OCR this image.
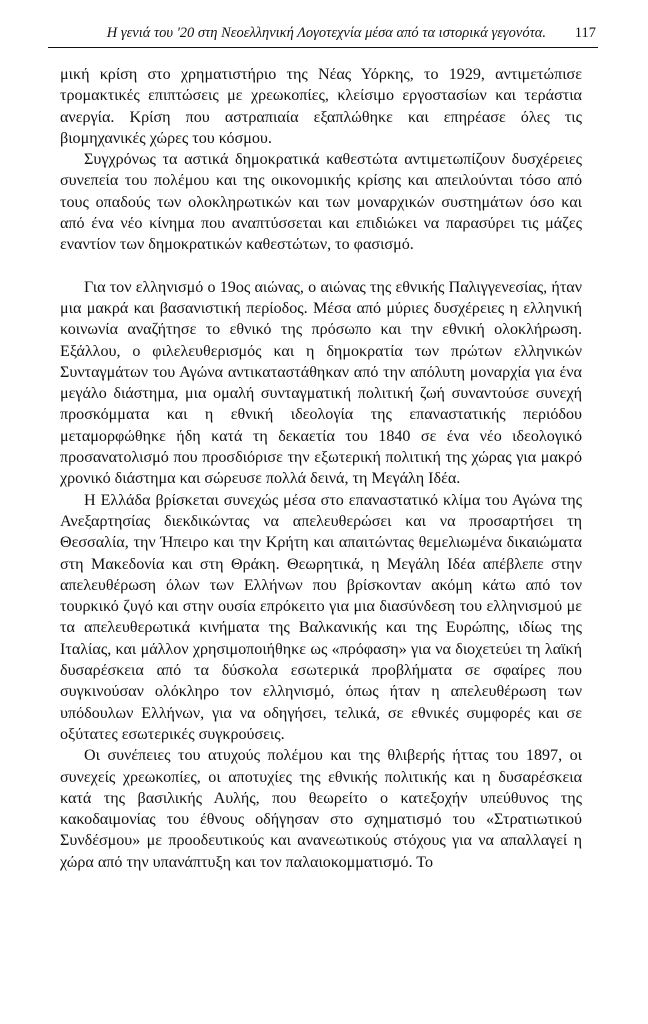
Η γενιά του '20 στη Νεοελληνική Λογοτεχνία μέσα από τα ιστορικά γεγονότα. 117

μική κρίση στο χρηματιστήριο της Νέας Υόρκης, το 1929, αντιμετώπισε τρομακτικές επιπτώσεις με χρεωκοπίες, κλείσιμο εργοστασίων και τεράστια ανεργία. Κρίση που αστραπιαία εξαπλώθηκε και επηρέασε όλες τις βιομηχανικές χώρες του κόσμου.

Συγχρόνως τα αστικά δημοκρατικά καθεστώτα αντιμετωπίζουν δυσχέρειες συνεπεία του πολέμου και της οικονομικής κρίσης και απειλούνται τόσο από τους οπαδούς των ολοκληρωτικών και των μοναρχικών συστημάτων όσο και από ένα νέο κίνημα που αναπτύσσεται και επιδιώκει να παρασύρει τις μάζες εναντίον των δημοκρατικών καθεστώτων, το φασισμό.

Για τον ελληνισμό ο 19ος αιώνας, ο αιώνας της εθνικής Παλιγγενεσίας, ήταν μια μακρά και βασανιστική περίοδος. Μέσα από μύριες δυσχέρειες η ελληνική κοινωνία αναζήτησε το εθνικό της πρόσωπο και την εθνική ολοκλήρωση. Εξάλλου, ο φιλελευθερισμός και η δημοκρατία των πρώτων ελληνικών Συνταγμάτων του Αγώνα αντικαταστάθηκαν από την απόλυτη μοναρχία για ένα μεγάλο διάστημα, μια ομαλή συνταγματική πολιτική ζωή συναντούσε συνεχή προσκόμματα και η εθνική ιδεολογία της επαναστατικής περιόδου μεταμορφώθηκε ήδη κατά τη δεκαετία του 1840 σε ένα νέο ιδεολογικό προσανατολισμό που προσδιόρισε την εξωτερική πολιτική της χώρας για μακρό χρονικό διάστημα και σώρευσε πολλά δεινά, τη Μεγάλη Ιδέα.

Η Ελλάδα βρίσκεται συνεχώς μέσα στο επαναστατικό κλίμα του Αγώνα της Ανεξαρτησίας διεκδικώντας να απελευθερώσει και να προσαρτήσει τη Θεσσαλία, την Ήπειρο και την Κρήτη και απαιτώντας θεμελιωμένα δικαιώματα στη Μακεδονία και στη Θράκη. Θεωρητικά, η Μεγάλη Ιδέα απέβλεπε στην απελευθέρωση όλων των Ελλήνων που βρίσκονταν ακόμη κάτω από τον τουρκικό ζυγό και στην ουσία επρόκειτο για μια διασύνδεση του ελληνισμού με τα απελευθερωτικά κινήματα της Βαλκανικής και της Ευρώπης, ιδίως της Ιταλίας, και μάλλον χρησιμοποιήθηκε ως «πρόφαση» για να διοχετεύει τη λαϊκή δυσαρέσκεια από τα δύσκολα εσωτερικά προβλήματα σε σφαίρες που συγκινούσαν ολόκληρο τον ελληνισμό, όπως ήταν η απελευθέρωση των υπόδουλων Ελλήνων, για να οδηγήσει, τελικά, σε εθνικές συμφορές και σε οξύτατες εσωτερικές συγκρούσεις.

Οι συνέπειες του ατυχούς πολέμου και της θλιβερής ήττας του 1897, οι συνεχείς χρεωκοπίες, οι αποτυχίες της εθνικής πολιτικής και η δυσαρέσκεια κατά της βασιλικής Αυλής, που θεωρείτο ο κατεξοχήν υπεύθυνος της κακοδαιμονίας του έθνους οδήγησαν στο σχηματισμό του «Στρατιωτικού Συνδέσμου» με προοδευτικούς και ανανεωτικούς στόχους για να απαλλαγεί η χώρα από την υπανάπτυξη και τον παλαιοκομματισμό. Το
